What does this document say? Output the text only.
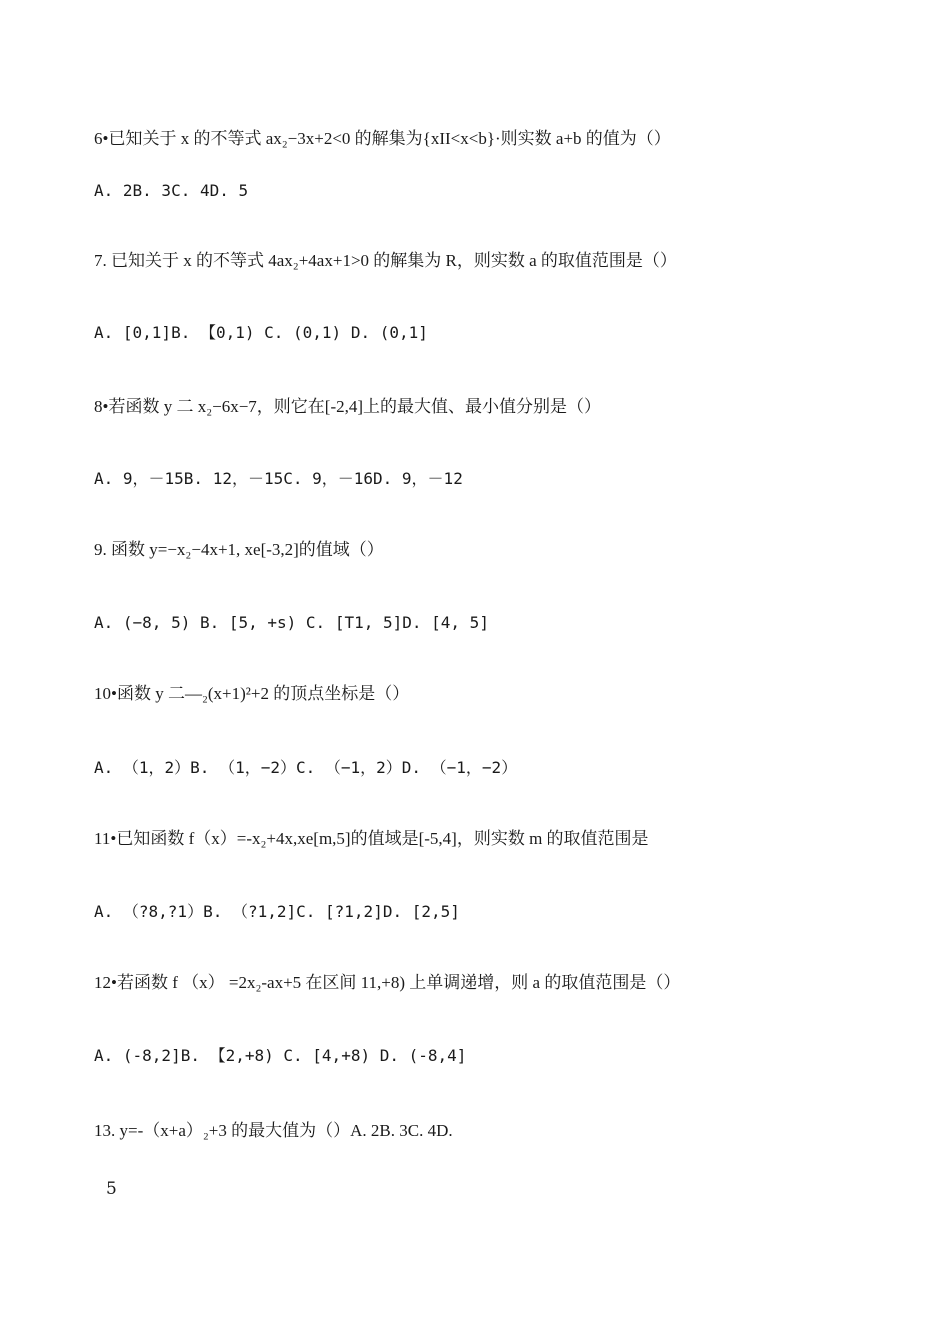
6•已知关于 x 的不等式 ax₂−3x+2<0 的解集为{xII<x<b}·则实数 a+b 的值为（）
A. 2B. 3C. 4D. 5
7. 已知关于 x 的不等式 4ax₂+4ax+1>0 的解集为 R，则实数 a 的取值范围是（）
A. [0,1]B. 【0,1) C. (0,1) D. (0,1]
8•若函数 y 二 x₂−6x−7，则它在[-2,4]上的最大值、最小值分别是（）
A. 9，－15B. 12，－15C. 9，－16D. 9，－12
9. 函数 y=−x₂−4x+1, xe[-3,2]的值域（）
A. (−8, 5) B. [5, +s) C. [T1, 5]D. [4, 5]
10•函数 y 二—₂(x+1)²+2 的顶点坐标是（）
A. （1，2）B. （1，−2）C. （−1，2）D. （−1，−2）
11•已知函数 f（x）=-x₂+4x,xe[m,5]的值域是[-5,4]，则实数 m 的取值范围是
A. （?8,?1）B. （?1,2]C. [?1,2]D. [2,5]
12•若函数 f （x） =2x₂-ax+5 在区间 11,+8) 上单调递增，则 a 的取值范围是（）
A. (-8,2]B. 【2,+8) C. [4,+8) D. (-8,4]
13. y=-（x+a）₂+3 的最大值为（）A. 2B. 3C. 4D.
5
